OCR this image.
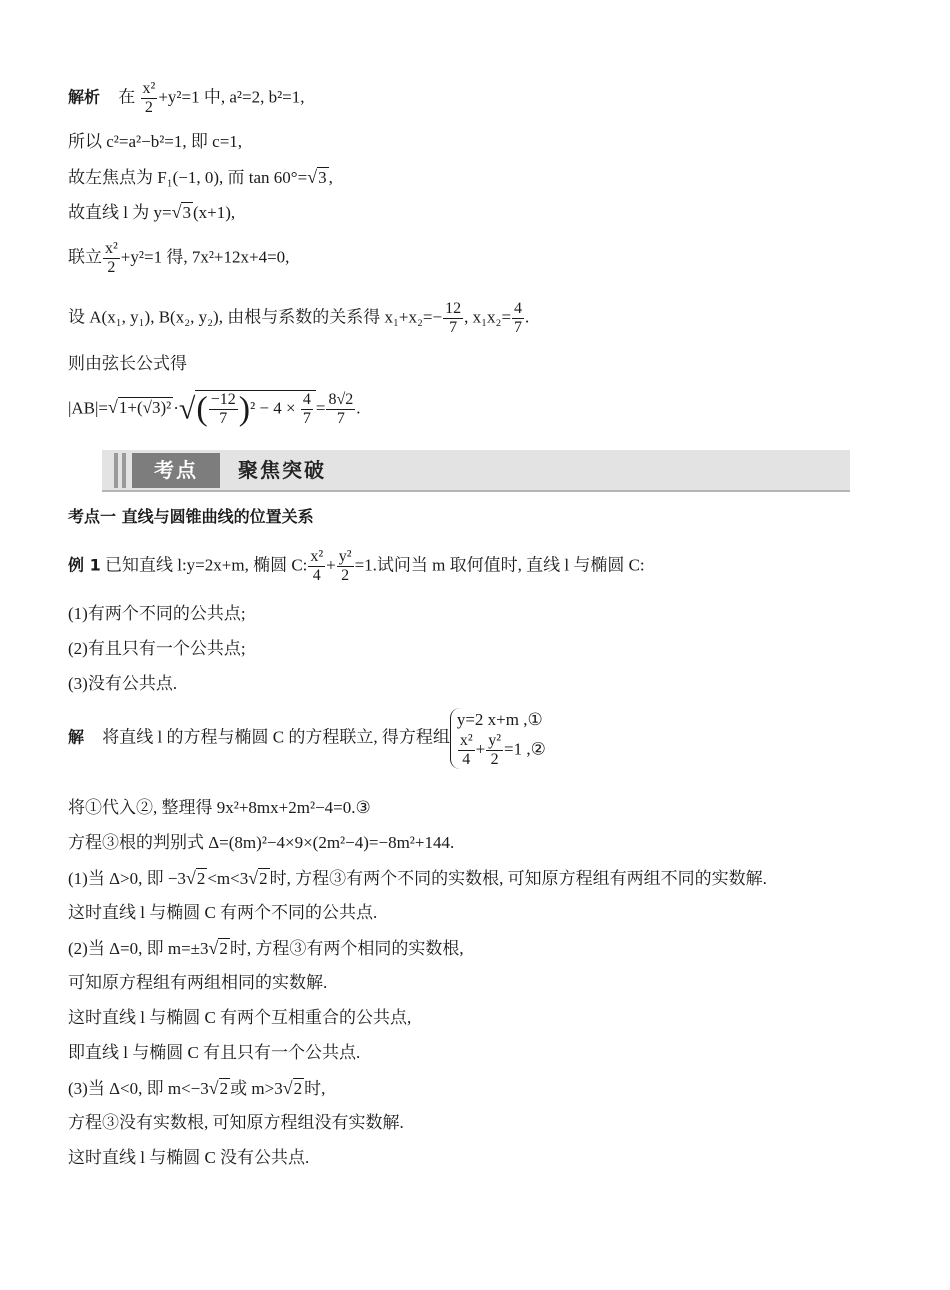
解析 在 $\frac{\text{x²}}{2} +y^2=1$ 中, a²=2, b²=1,
所以 c²=a²−b²=1, 即 c=1,
故左焦点为 F₁(−1, 0), 而 tan 60°=√3 ,
故直线 l 为 y=√3 (x+1),
联立 $\frac{\text{x²}}{2} +y^2=1$ 得, 7x²+12x+4=0,
设 A(x₁, y₁), B(x₂, y₂), 由根与系数的关系得 $x_1+x_2=- \frac{12}{7}$ , $x_1x_2= \frac{4}{7}$ .
则由弦长公式得
|AB|=√1+(√3)² ·√( $\frac{-12}{7} )^2 - 4 \times \frac{4}{7} = \frac{8√2}{7}$ .
考点	聚焦突破
考点一 直线与圆锥曲线的位置关系
例 1 已知直线 l:y=2x+m, 椭圆 C: $\frac{\text{x²}}{4} + \frac{\text{y²}}{2} =1$.试问当 m 取何值时, 直线 l 与椭圆 C:
(1)有两个不同的公共点;
(2)有且只有一个公共点;
(3)没有公共点.
解 将直线 l 的方程与椭圆 C 的方程联立, 得方程组
y=2 x+m ,①
$\frac{\text{x²}}{4} + \frac{\text{y²}}{2} =1$ ,②
将①代入②, 整理得 9x²+8mx+2m²−4=0.③
方程③根的判别式 Δ=(8m)²−4×9×(2m²−4)=−8m²+144.
(1)当 Δ>0, 即 −3√2 <m<3√2 时, 方程③有两个不同的实数根, 可知原方程组有两组不同的实数解.
这时直线 l 与椭圆 C 有两个不同的公共点.
(2)当 Δ=0, 即 m=±3√2 时, 方程③有两个相同的实数根,
可知原方程组有两组相同的实数解.
这时直线 l 与椭圆 C 有两个互相重合的公共点,
即直线 l 与椭圆 C 有且只有一个公共点.
(3)当 Δ<0, 即 m<−3√2 或 m>3√2 时,
方程③没有实数根, 可知原方程组没有实数解.
这时直线 l 与椭圆 C 没有公共点.
